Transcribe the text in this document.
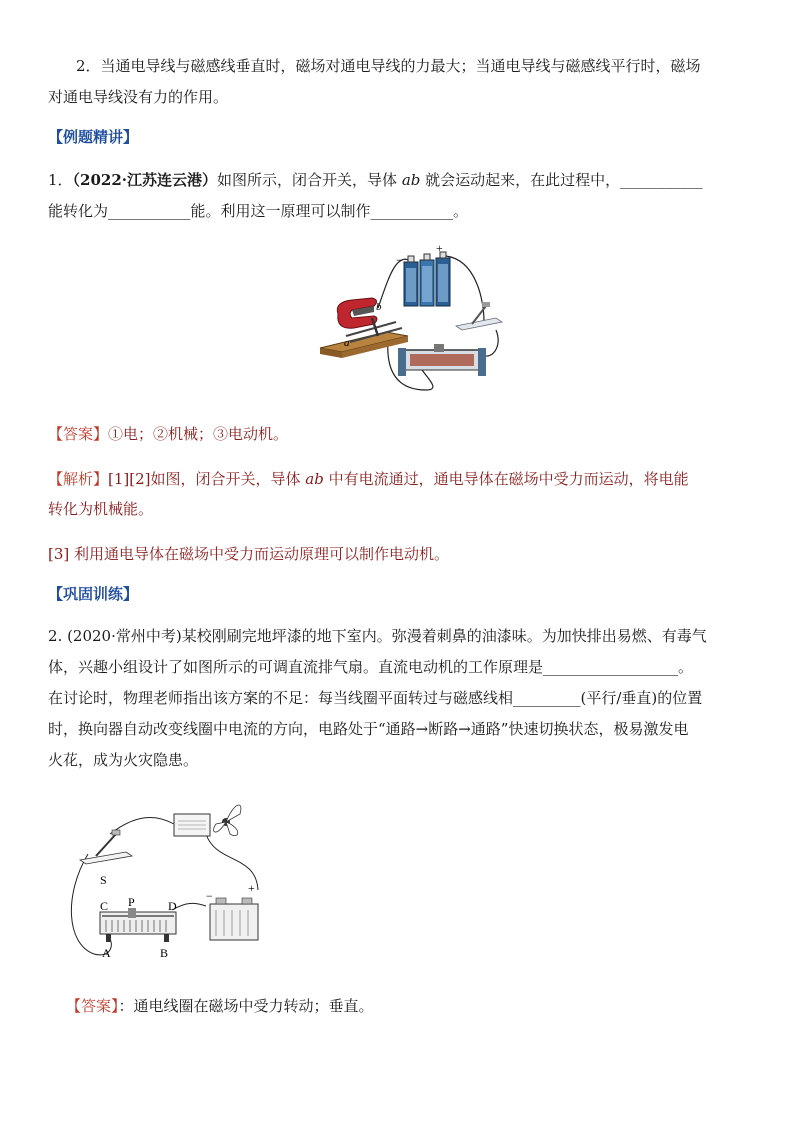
2．当通电导线与磁感线垂直时，磁场对通电导线的力最大；当通电导线与磁感线平行时，磁场
对通电导线没有力的作用。
【例题精讲】
1．（2022·江苏连云港）如图所示，闭合开关，导体 ab 就会运动起来，在此过程中，___________
能转化为___________能。利用这一原理可以制作___________。
b
a
−
+
【答案】①电；②机械；③电动机。
【解析】[1][2]如图，闭合开关，导体 ab 中有电流通过，通电导体在磁场中受力而运动，将电能
转化为机械能。
[3] 利用通电导体在磁场中受力而运动原理可以制作电动机。
【巩固训练】
2. (2020·常州中考)某校刚刷完地坪漆的地下室内。弥漫着刺鼻的油漆味。为加快排出易燃、有毒气
体，兴趣小组设计了如图所示的可调直流排气扇。直流电动机的工作原理是__________________。
在讨论时，物理老师指出该方案的不足：每当线圈平面转过与磁感线相_________(平行/垂直)的位置
时，换向器自动改变线圈中电流的方向，电路处于“通路→断路→通路”快速切换状态，极易激发电
火花，成为火灾隐患。
S
C P	D
A	B
−
+
【答案】：通电线圈在磁场中受力转动；垂直。
